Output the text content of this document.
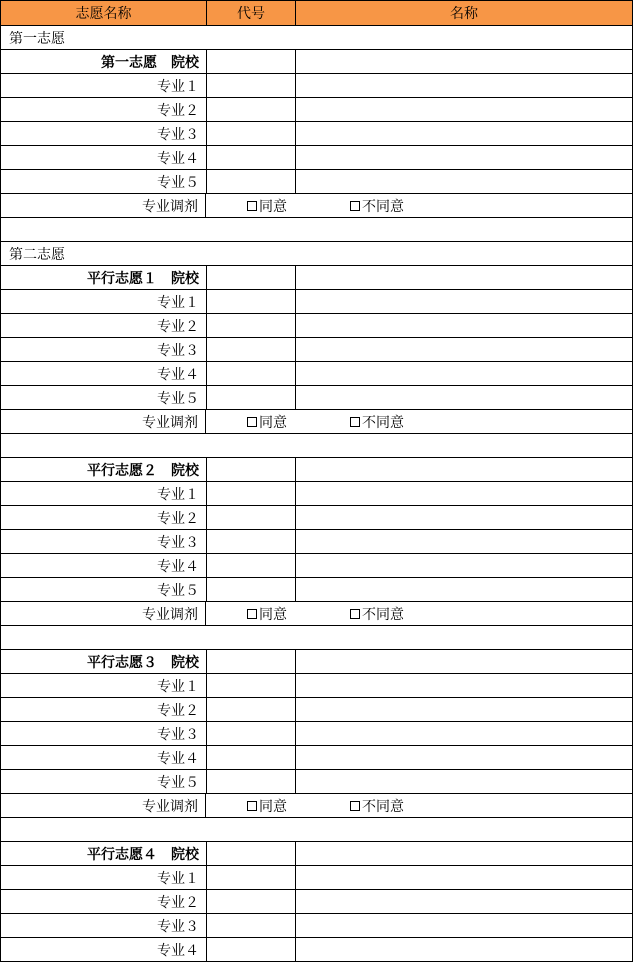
志愿名称	代号	名称
第一志愿
第一志愿　院校
专业１
专业２
专业３
专业４
专业５
专业调剂	同意	不同意
第二志愿
平行志愿１　院校
专业１
专业２
专业３
专业４
专业５
专业调剂	同意	不同意
平行志愿２　院校
专业１
专业２
专业３
专业４
专业５
专业调剂	同意	不同意
平行志愿３　院校
专业１
专业２
专业３
专业４
专业５
专业调剂	同意	不同意
平行志愿４　院校
专业１
专业２
专业３
专业４
